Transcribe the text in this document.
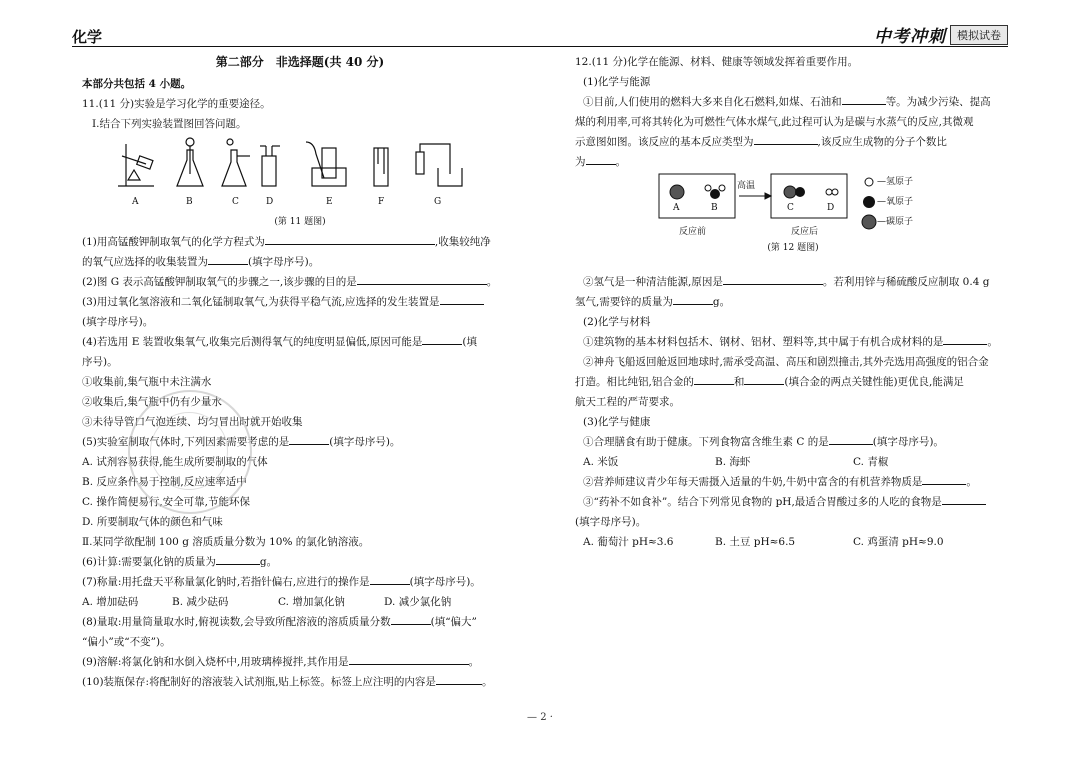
化学	中考冲刺	模拟试卷
第二部分　非选择题(共 40 分)
本部分共包括 4 小题。
11.(11 分)实验是学习化学的重要途径。
Ⅰ.结合下列实验装置图回答问题。
A	B	C	D	E	F	G
(第 11 题图)
(1)用高锰酸钾制取氧气的化学方程式为	,收集较纯净
的氧气应选择的收集装置为	(填字母序号)。
(2)图 G 表示高锰酸钾制取氧气的步骤之一,该步骤的目的是	。
(3)用过氧化氢溶液和二氧化锰制取氧气,为获得平稳气流,应选择的发生装置是
(填字母序号)。
(4)若选用 E 装置收集氧气,收集完后测得氧气的纯度明显偏低,原因可能是	(填
序号)。
①收集前,集气瓶中未注满水
②收集后,集气瓶中仍有少量水
③未待导管口气泡连续、均匀冒出时就开始收集
(5)实验室制取气体时,下列因素需要考虑的是	(填字母序号)。
A. 试剂容易获得,能生成所要制取的气体
B. 反应条件易于控制,反应速率适中
C. 操作简便易行,安全可靠,节能环保
D. 所要制取气体的颜色和气味
Ⅱ.某同学欲配制 100 g 溶质质量分数为 10% 的氯化钠溶液。
(6)计算:需要氯化钠的质量为	g。
(7)称量:用托盘天平称量氯化钠时,若指针偏右,应进行的操作是	(填字母序号)。
A. 增加砝码	B. 减少砝码	C. 增加氯化钠	D. 减少氯化钠
(8)量取:用量筒量取水时,俯视读数,会导致所配溶液的溶质质量分数	(填“偏大”
“偏小”或“不变”)。
(9)溶解:将氯化钠和水倒入烧杯中,用玻璃棒搅拌,其作用是	。
(10)装瓶保存:将配制好的溶液装入试剂瓶,贴上标签。标签上应注明的内容是	。
12.(11 分)化学在能源、材料、健康等领域发挥着重要作用。
(1)化学与能源
①目前,人们使用的燃料大多来自化石燃料,如煤、石油和	等。为减少污染、提高
煤的利用率,可将其转化为可燃性气体水煤气,此过程可认为是碳与水蒸气的反应,其微观
示意图如图。该反应的基本反应类型为	,该反应生成物的分子个数比
为	。
高温
A	B	C	D
反应前	反应后
—氢原子
—氧原子
—碳原子
(第 12 题图)
②氢气是一种清洁能源,原因是	。若利用锌与稀硫酸反应制取 0.4 g
氢气,需要锌的质量为	g。
(2)化学与材料
①建筑物的基本材料包括木、钢材、铝材、塑料等,其中属于有机合成材料的是	。
②神舟飞船返回舱返回地球时,需承受高温、高压和剧烈撞击,其外壳选用高强度的铝合金
打造。相比纯铝,铝合金的	和	(填合金的两点关键性能)更优良,能满足
航天工程的严苛要求。
(3)化学与健康
①合理膳食有助于健康。下列食物富含维生素 C 的是	(填字母序号)。
A. 米饭	B. 海虾	C. 青椒
②营养师建议青少年每天需摄入适量的牛奶,牛奶中富含的有机营养物质是	。
③“药补不如食补”。结合下列常见食物的 pH,最适合胃酸过多的人吃的食物是
(填字母序号)。
A. 葡萄汁 pH≈3.6	B. 土豆 pH≈6.5	C. 鸡蛋清 pH≈9.0
— 2 ·
